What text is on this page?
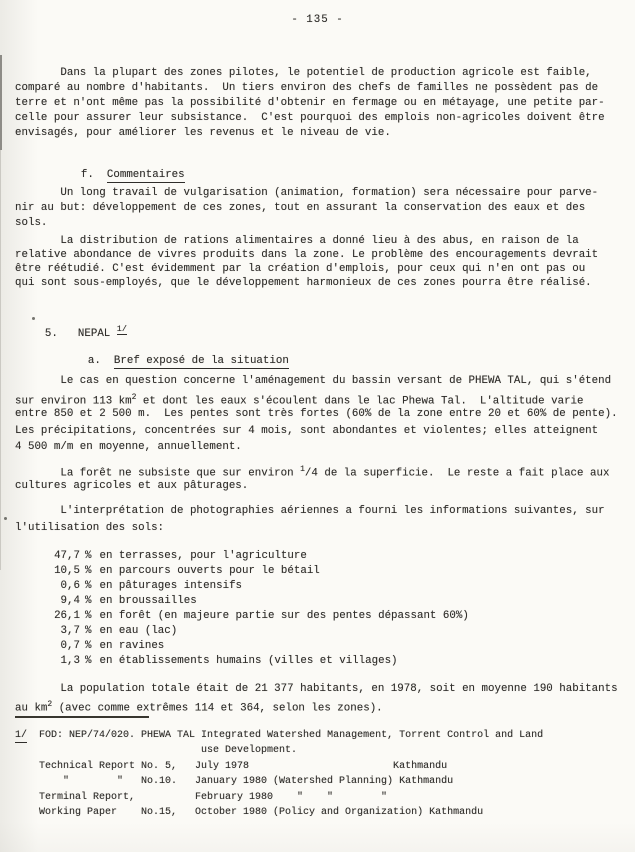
- 135 -
Dans la plupart des zones pilotes, le potentiel de production agricole est faible,
comparé au nombre d'habitants.  Un tiers environ des chefs de familles ne possèdent pas de
terre et n'ont même pas la possibilité d'obtenir en fermage ou en métayage, une petite par-
celle pour assurer leur subsistance.  C'est pourquoi des emplois non-agricoles doivent être
envisagés, pour améliorer les revenus et le niveau de vie.

f. Commentaires

Un long travail de vulgarisation (animation, formation) sera nécessaire pour parve-
nir au but: développement de ces zones, tout en assurant la conservation des eaux et des
sols.
La distribution de rations alimentaires a donné lieu à des abus, en raison de la
relative abondance de vivres produits dans la zone. Le problème des encouragements devrait
être réétudié. C'est évidemment par la création d'emplois, pour ceux qui n'en ont pas ou
qui sont sous-employés, que le développement harmonieux de ces zones pourra être réalisé.

5. NEPAL $^{1/}$

a. Bref exposé de la situation

Le cas en question concerne l'aménagement du bassin versant de PHEWA TAL, qui s'étend
sur environ 113 $km^2$ et dont les eaux s'écoulent dans le lac Phewa Tal.  L'altitude varie
entre 850 et 2 500 m.  Les pentes sont très fortes (60% de la zone entre 20 et 60% de pente).
Les précipitations, concentrées sur 4 mois, sont abondantes et violentes; elles atteignent
4 500 m/m en moyenne, annuellement.
La forêt ne subsiste que sur environ $^1$/4 de la superficie.  Le reste a fait place aux
cultures agricoles et aux pâturages.
L'interprétation de photographies aériennes a fourni les informations suivantes, sur
l'utilisation des sols:
47,7 % en terrasses, pour l'agriculture
10,5 % en parcours ouverts pour le bétail
0,6 % en pâturages intensifs
9,4 % en broussailles
26,1 % en forêt (en majeure partie sur des pentes dépassant 60%)
3,7 % en eau (lac)
0,7 % en ravines
1,3 % en établissements humains (villes et villages)
La population totale était de 21 377 habitants, en 1978, soit en moyenne 190 habitants
au $km^2$ (avec comme extrêmes 114 et 364, selon les zones).
1/  FOD: NEP/74/020. PHEWA TAL Integrated Watershed Management, Torrent Control and Land
use Development.
Technical Report No. 5,   July 1978                        Kathmandu
"        "   No.10.   January 1980 (Watershed Planning) Kathmandu
Terminal Report,          February 1980    "    "        "
Working Paper    No.15,   October 1980 (Policy and Organization) Kathmandu
